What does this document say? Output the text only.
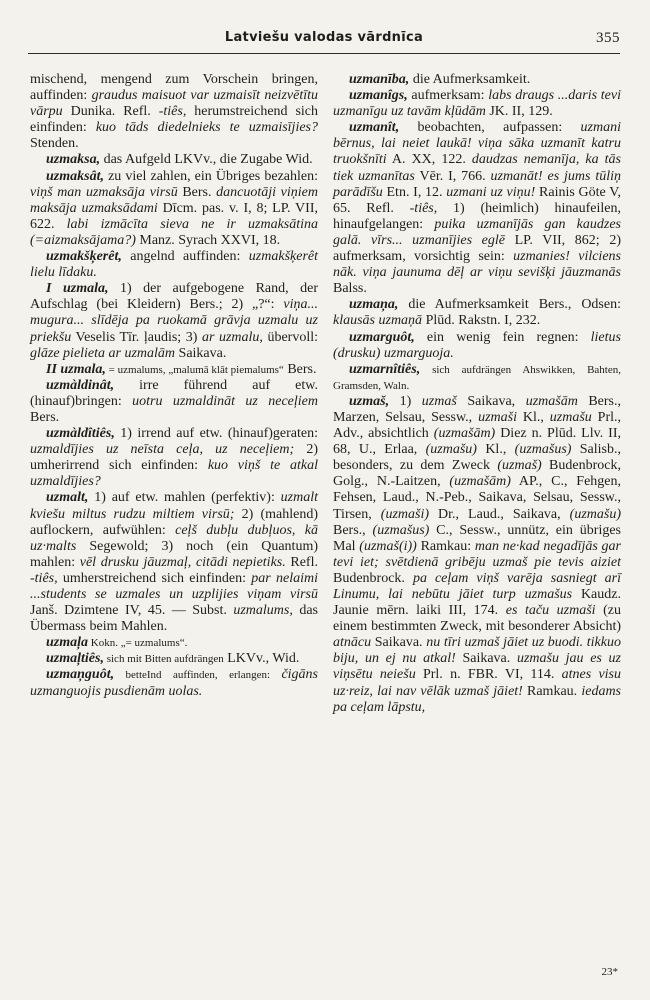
Latviešu valodas vārdnīca	355

mischend, mengend zum Vorschein bringen, auffinden: graudus maisuot var uzmaisīt neizvētītu vārpu Dunika. Refl. -tiês, herumstreichend sich einfinden: kuo tāds diedelnieks te uzmaisījies? Stenden.

uzmaksa, das Aufgeld LKVv., die Zugabe Wid.

uzmaksât, zu viel zahlen, ein Übriges bezahlen: viņš man uzmaksāja virsū Bers. dancuotāji viņiem maksāja uzmaksādami Dīcm. pas. v. I, 8; LP. VII, 622. labi izmācīta sieva ne ir uzmaksātina (=aizmaksājama?) Manz. Syrach XXVI, 18.

uzmakšķerêt, angelnd auffinden: uzmakšķerêt lielu līdaku.

I uzmala, 1) der aufgebogene Rand, der Aufschlag (bei Kleidern) Bers.; 2) „?“: viņa... mugura... slīdēja pa ruokamā grāvja uzmalu uz priekšu Veselis Tīr. ļaudis; 3) ar uzmalu, übervoll: glāze pielieta ar uzmalām Saikava.

II uzmala, = uzmalums, „malumā klāt piemalums“ Bers.

uzmàldinât, irre führend auf etw. (hinauf)bringen: uotru uzmaldināt uz neceļiem Bers.

uzmàldîtiês, 1) irrend auf etw. (hinauf)geraten: uzmaldījies uz neīsta ceļa, uz neceļiem; 2) umherirrend sich einfinden: kuo viņš te atkal uzmaldījies?

uzmalt, 1) auf etw. mahlen (perfektiv): uzmalt kviešu miltus rudzu miltiem virsū; 2) (mahlend) auflockern, aufwühlen: ceļš dubļu dubļuos, kā uz·malts Segewold; 3) noch (ein Quantum) mahlen: vēl drusku jāuzmaļ, citādi nepietiks. Refl. -tiês, umherstreichend sich einfinden: par nelaimi ...students se uzmales un uzplijies viņam virsū Janš. Dzimtene IV, 45. — Subst. uzmalums, das Übermass beim Mahlen.

uzmaļa Kokn. „= uzmalums“.

uzmaļtiês, sich mit Bitten aufdrängen LKVv., Wid.

uzmaņguôt, betteInd auffinden, erlangen: čigāns uzmanguojis pusdienām uolas.

uzmanība, die Aufmerksamkeit.

uzmanîgs, aufmerksam: labs draugs ...daris tevi uzmanīgu uz tavām kļūdām JK. II, 129.

uzmanît, beobachten, aufpassen: uzmani bērnus, lai neiet laukā! viņa sāka uzmanīt katru truokšnīti A. XX, 122. daudzas nemanīja, ka tās tiek uzmanītas Vēr. I, 766. uzmanāt! es jums tūliņ parādīšu Etn. I, 12. uzmani uz viņu! Rainis Göte V, 65. Refl. -tiês, 1) (heimlich) hinaufeilen, hinaufgelangen: puika uzmanījās gan kaudzes galā. vīrs... uzmanījies eglē LP. VII, 862; 2) aufmerksam, vorsichtig sein: uzmanies! vilciens nāk. viņa jaunuma dēļ ar viņu sevišķi jāuzmanās Balss.

uzmaņa, die Aufmerksamkeit Bers., Odsen: klausās uzmaņā Plūd. Rakstn. I, 232.

uzmarguôt, ein wenig fein regnen: lietus (drusku) uzmarguoja.

uzmarnîtiês, sich aufdrängen Ahswikken, Bahten, Gramsden, Waln.

uzmaš, 1) uzmaš Saikava, uzmašām Bers., Marzen, Selsau, Sessw., uzmaši Kl., uzmašu Prl., Adv., absichtlich (uzmašām) Diez n. Plūd. Llv. II, 68, U., Erlaa, (uzmašu) Kl., (uzmašus) Salisb., besonders, zu dem Zweck (uzmaš) Budenbrock, Golg., N.-Laitzen, (uzmašām) AP., C., Fehgen, Fehsen, Laud., N.-Peb., Saikava, Selsau, Sessw., Tirsen, (uzmaši) Dr., Laud., Saikava, (uzmašu) Bers., (uzmašus) C., Sessw., unnütz, ein übriges Mal (uzmaš(i)) Ramkau: man ne·kad negadījās gar tevi iet; svētdienā gribēju uzmaš pie tevis aiziet Budenbrock. pa ceļam viņš varēja sasniegt arī Linumu, lai nebūtu jāiet turp uzmašus Kaudz. Jaunie mērn. laiki III, 174. es taču uzmaši (zu einem bestimmten Zweck, mit besonderer Absicht) atnācu Saikava. nu tīri uzmaš jāiet uz buodi. tikkuo biju, un ej nu atkal! Saikava. uzmašu jau es uz viņsētu neiešu Prl. n. FBR. VI, 114. atnes visu uz·reiz, lai nav vēlāk uzmaš jāiet! Ramkau. iedams pa ceļam lāpstu,

23*
